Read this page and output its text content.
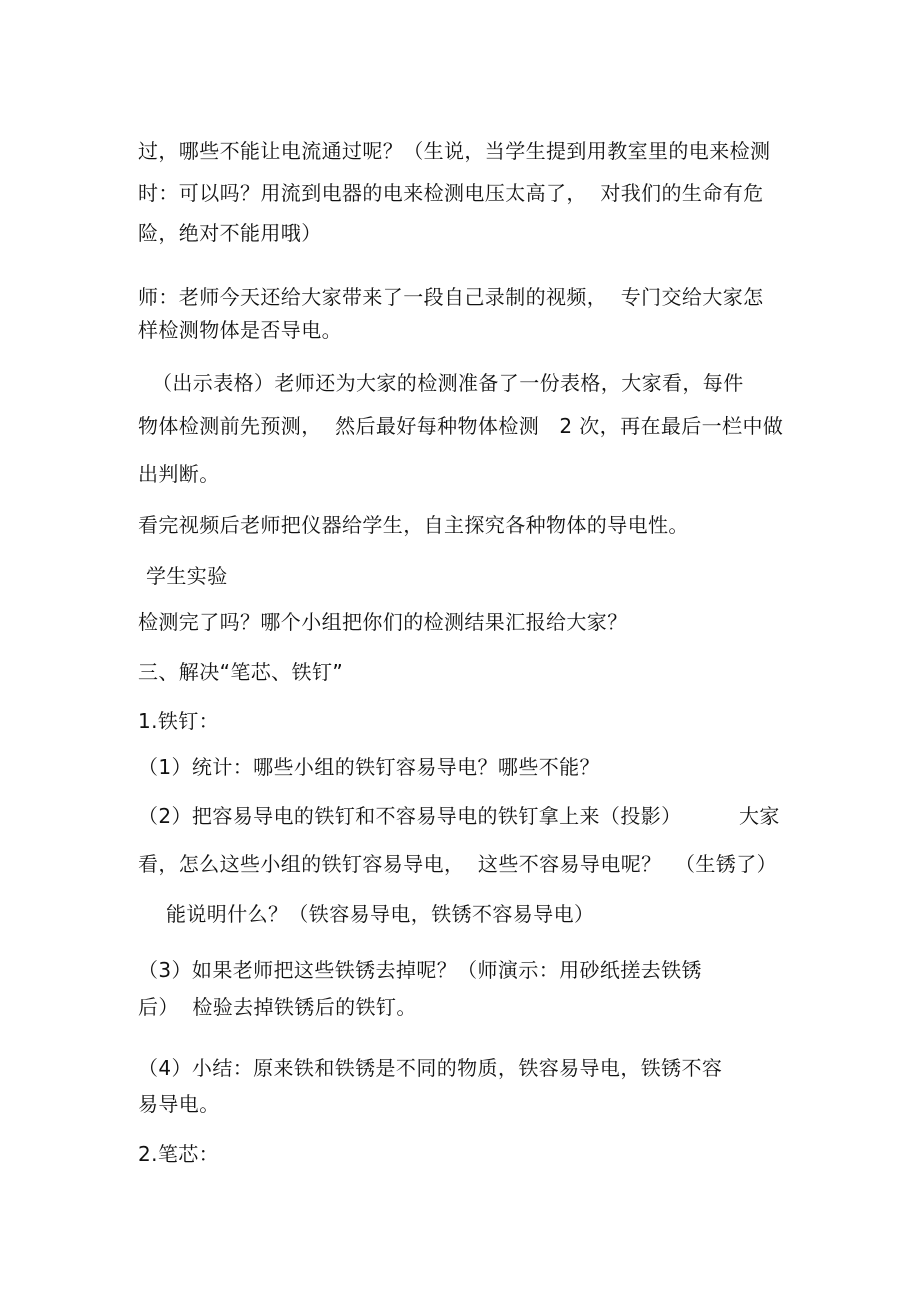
过，哪些不能让电流通过呢？（生说，当学生提到用教室里的电来检测
时：可以吗？用流到电器的电来检测电压太高了，  对我们的生命有危
险，绝对不能用哦）
师：老师今天还给大家带来了一段自己录制的视频，  专门交给大家怎
样检测物体是否导电。
（出示表格）老师还为大家的检测准备了一份表格，大家看，每件
物体检测前先预测，  然后最好每种物体检测   2 次，再在最后一栏中做
出判断。
看完视频后老师把仪器给学生，自主探究各种物体的导电性。
学生实验
检测完了吗？哪个小组把你们的检测结果汇报给大家？
三、解决“笔芯、铁钉”
1.铁钉：
（1）统计：哪些小组的铁钉容易导电？哪些不能？
（2）把容易导电的铁钉和不容易导电的铁钉拿上来（投影）	大家
看，怎么这些小组的铁钉容易导电，  这些不容易导电呢？  （生锈了）
能说明什么？（铁容易导电，铁锈不容易导电）
（3）如果老师把这些铁锈去掉呢？（师演示：用砂纸搓去铁锈
后）  检验去掉铁锈后的铁钉。
（4）小结：原来铁和铁锈是不同的物质，铁容易导电，铁锈不容
易导电。
2.笔芯：
